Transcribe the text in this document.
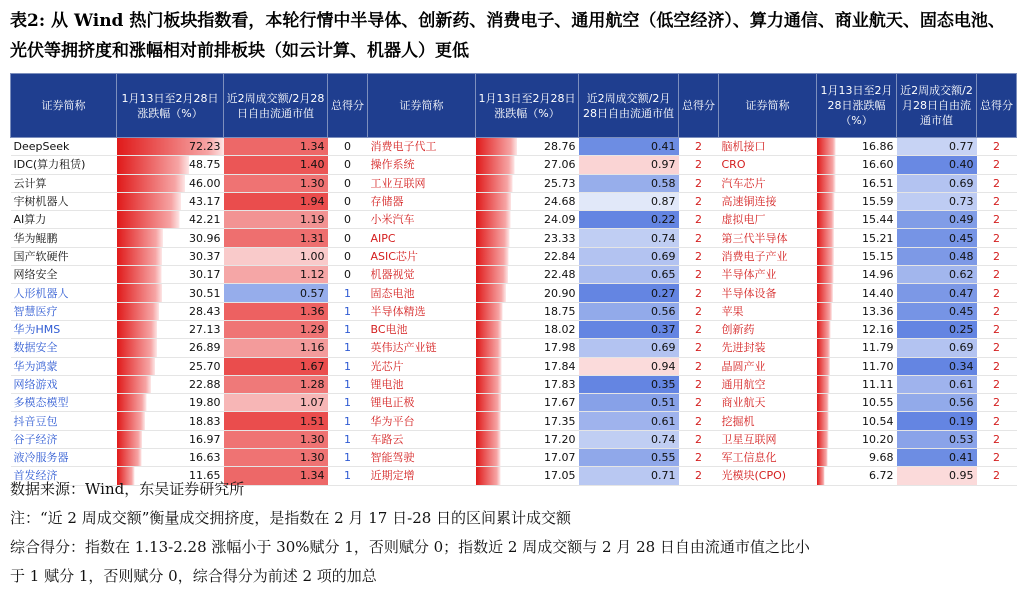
表2: 从 Wind 热门板块指数看，本轮行情中半导体、创新药、消费电子、通用航空（低空经济）、算力通信、商业航天、固态电池、光伏等拥挤度和涨幅相对前排板块（如云计算、机器人）更低
证券简称	1月13日至2月28日涨跌幅（%）	近2周成交额/2月28日自由流通市值	总得分	证券简称	1月13日至2月28日涨跌幅（%）	近2周成交额/2月28日自由流通市值	总得分	证券简称	1月13日至2月28日涨跌幅（%）	近2周成交额/2月28日自由流通市值	总得分
DeepSeek	72.23	1.34	0	消费电子代工	28.76	0.41	2	脑机接口	16.86	0.77	2
IDC(算力租赁)	48.75	1.40	0	操作系统	27.06	0.97	2	CRO	16.60	0.40	2
云计算	46.00	1.30	0	工业互联网	25.73	0.58	2	汽车芯片	16.51	0.69	2
宇树机器人	43.17	1.94	0	存储器	24.68	0.87	2	高速铜连接	15.59	0.73	2
AI算力	42.21	1.19	0	小米汽车	24.09	0.22	2	虚拟电厂	15.44	0.49	2
华为鲲鹏	30.96	1.31	0	AIPC	23.33	0.74	2	第三代半导体	15.21	0.45	2
国产软硬件	30.37	1.00	0	ASIC芯片	22.84	0.69	2	消费电子产业	15.15	0.48	2
网络安全	30.17	1.12	0	机器视觉	22.48	0.65	2	半导体产业	14.96	0.62	2
人形机器人	30.51	0.57	1	固态电池	20.90	0.27	2	半导体设备	14.40	0.47	2
智慧医疗	28.43	1.36	1	半导体精选	18.75	0.56	2	苹果	13.36	0.45	2
华为HMS	27.13	1.29	1	BC电池	18.02	0.37	2	创新药	12.16	0.25	2
数据安全	26.89	1.16	1	英伟达产业链	17.98	0.69	2	先进封装	11.79	0.69	2
华为鸿蒙	25.70	1.67	1	光芯片	17.84	0.94	2	晶圆产业	11.70	0.34	2
网络游戏	22.88	1.28	1	锂电池	17.83	0.35	2	通用航空	11.11	0.61	2
多模态模型	19.80	1.07	1	锂电正极	17.67	0.51	2	商业航天	10.55	0.56	2
抖音豆包	18.83	1.51	1	华为平台	17.35	0.61	2	挖掘机	10.54	0.19	2
谷子经济	16.97	1.30	1	车路云	17.20	0.74	2	卫星互联网	10.20	0.53	2
液冷服务器	16.63	1.30	1	智能驾驶	17.07	0.55	2	军工信息化	9.68	0.41	2
首发经济	11.65	1.34	1	近期定增	17.05	0.71	2	光模块(CPO)	6.72	0.95	2
数据来源：Wind，东吴证券研究所
注：“近 2 周成交额”衡量成交拥挤度，是指数在 2 月 17 日-28 日的区间累计成交额
综合得分：指数在 1.13-2.28 涨幅小于 30%赋分 1，否则赋分 0；指数近 2 周成交额与 2 月 28 日自由流通市值之比小
于 1 赋分 1，否则赋分 0，综合得分为前述 2 项的加总
